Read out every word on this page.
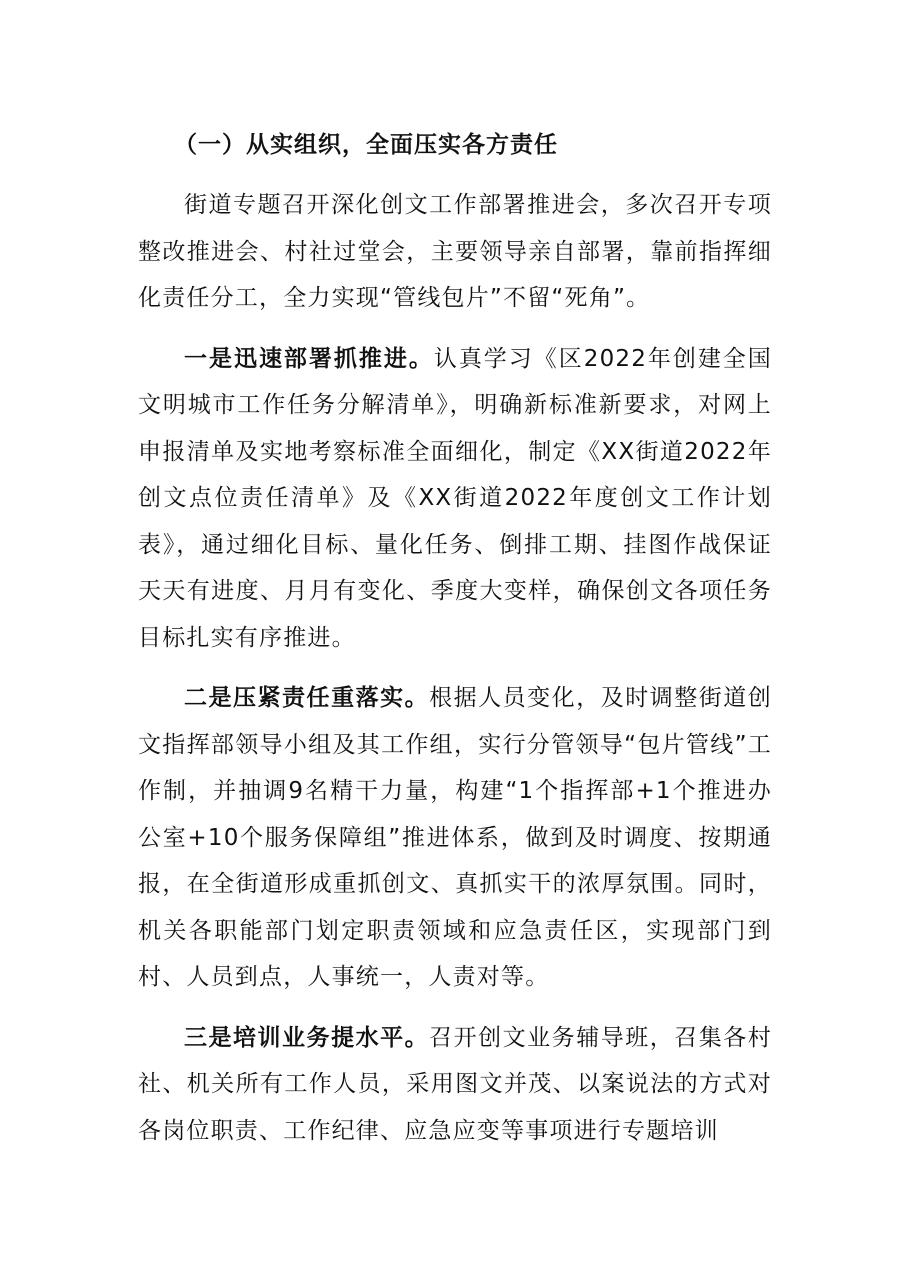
（一）从实组织，全面压实各方责任

街道专题召开深化创文工作部署推进会，多次召开专项整改推进会、村社过堂会，主要领导亲自部署，靠前指挥细化责任分工，全力实现“管线包片”不留“死角”。

一是迅速部署抓推进。认真学习《区2022年创建全国文明城市工作任务分解清单》，明确新标准新要求，对网上申报清单及实地考察标准全面细化，制定《XX街道2022年创文点位责任清单》及《XX街道2022年度创文工作计划表》，通过细化目标、量化任务、倒排工期、挂图作战保证天天有进度、月月有变化、季度大变样，确保创文各项任务目标扎实有序推进。

二是压紧责任重落实。根据人员变化，及时调整街道创文指挥部领导小组及其工作组，实行分管领导“包片管线”工作制，并抽调9名精干力量，构建“1个指挥部+1个推进办公室+10个服务保障组”推进体系，做到及时调度、按期通报，在全街道形成重抓创文、真抓实干的浓厚氛围。同时，机关各职能部门划定职责领域和应急责任区，实现部门到村、人员到点，人事统一，人责对等。

三是培训业务提水平。召开创文业务辅导班，召集各村社、机关所有工作人员，采用图文并茂、以案说法的方式对各岗位职责、工作纪律、应急应变等事项进行专题培训
